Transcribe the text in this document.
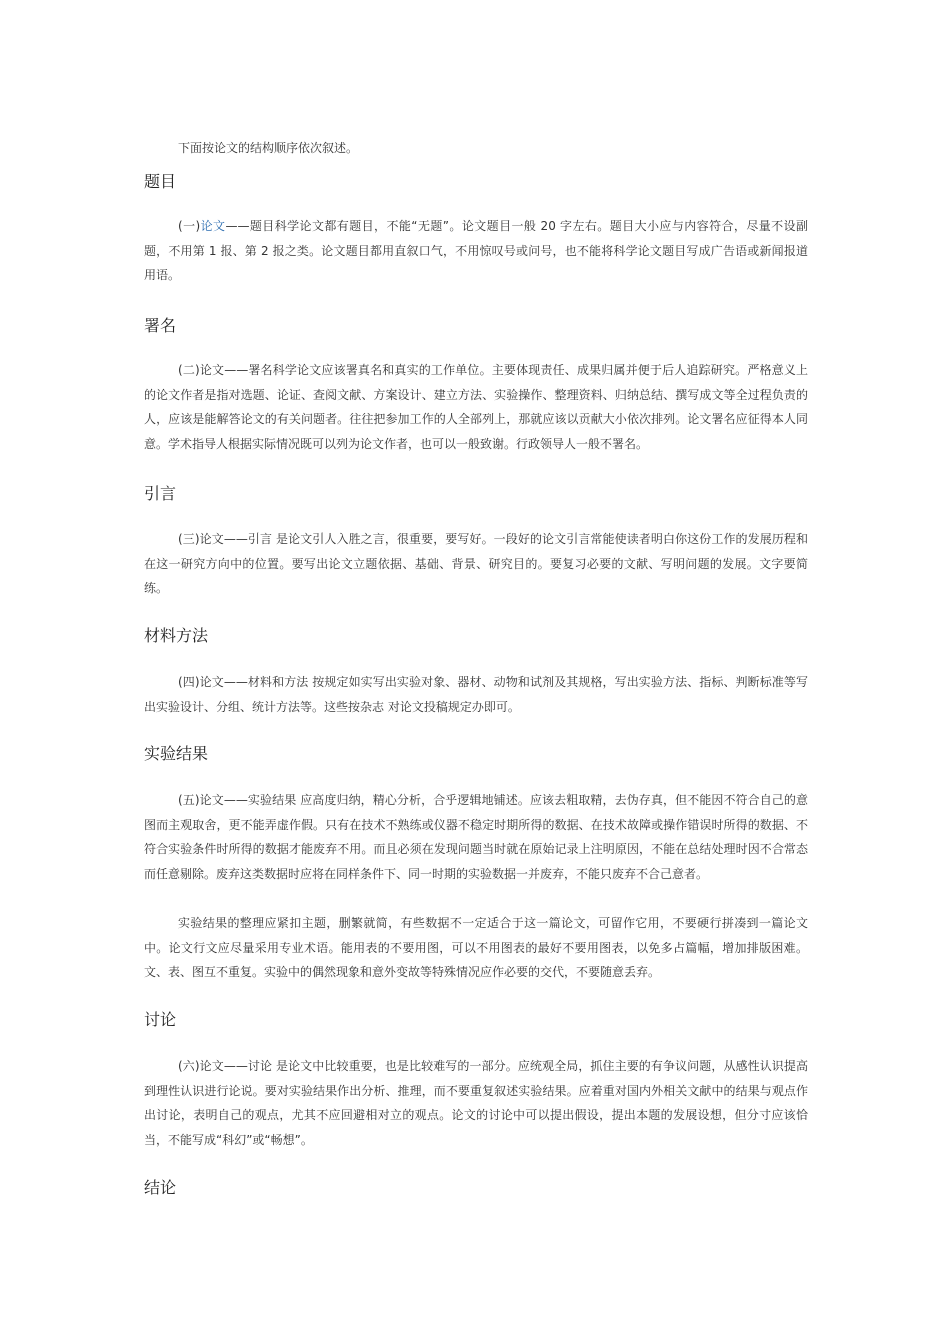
下面按论文的结构顺序依次叙述。

题目

(一)论文——题目科学论文都有题目，不能“无题”。论文题目一般 20 字左右。题目大小应与内容符合，尽量不设副题，不用第 1 报、第 2 报之类。论文题目都用直叙口气，不用惊叹号或问号，也不能将科学论文题目写成广告语或新闻报道用语。

署名

(二)论文——署名科学论文应该署真名和真实的工作单位。主要体现责任、成果归属并便于后人追踪研究。严格意义上的论文作者是指对选题、论证、查阅文献、方案设计、建立方法、实验操作、整理资料、归纳总结、撰写成文等全过程负责的人，应该是能解答论文的有关问题者。往往把参加工作的人全部列上，那就应该以贡献大小依次排列。论文署名应征得本人同意。学术指导人根据实际情况既可以列为论文作者，也可以一般致谢。行政领导人一般不署名。

引言

(三)论文——引言 是论文引人入胜之言，很重要，要写好。一段好的论文引言常能使读者明白你这份工作的发展历程和在这一研究方向中的位置。要写出论文立题依据、基础、背景、研究目的。要复习必要的文献、写明问题的发展。文字要简练。

材料方法

(四)论文——材料和方法 按规定如实写出实验对象、器材、动物和试剂及其规格，写出实验方法、指标、判断标准等写出实验设计、分组、统计方法等。这些按杂志 对论文投稿规定办即可。

实验结果

(五)论文——实验结果 应高度归纳，精心分析，合乎逻辑地铺述。应该去粗取精，去伪存真，但不能因不符合自己的意图而主观取舍，更不能弄虚作假。只有在技术不熟练或仪器不稳定时期所得的数据、在技术故障或操作错误时所得的数据、不符合实验条件时所得的数据才能废弃不用。而且必须在发现问题当时就在原始记录上注明原因，不能在总结处理时因不合常态而任意剔除。废弃这类数据时应将在同样条件下、同一时期的实验数据一并废弃，不能只废弃不合己意者。

实验结果的整理应紧扣主题，删繁就简，有些数据不一定适合于这一篇论文，可留作它用，不要硬行拼凑到一篇论文中。论文行文应尽量采用专业术语。能用表的不要用图，可以不用图表的最好不要用图表，以免多占篇幅，增加排版困难。文、表、图互不重复。实验中的偶然现象和意外变故等特殊情况应作必要的交代，不要随意丢弃。

讨论

(六)论文——讨论 是论文中比较重要，也是比较难写的一部分。应统观全局，抓住主要的有争议问题，从感性认识提高到理性认识进行论说。要对实验结果作出分析、推理，而不要重复叙述实验结果。应着重对国内外相关文献中的结果与观点作出讨论，表明自己的观点，尤其不应回避相对立的观点。论文的讨论中可以提出假设，提出本题的发展设想，但分寸应该恰当，不能写成“科幻”或“畅想”。

结论
